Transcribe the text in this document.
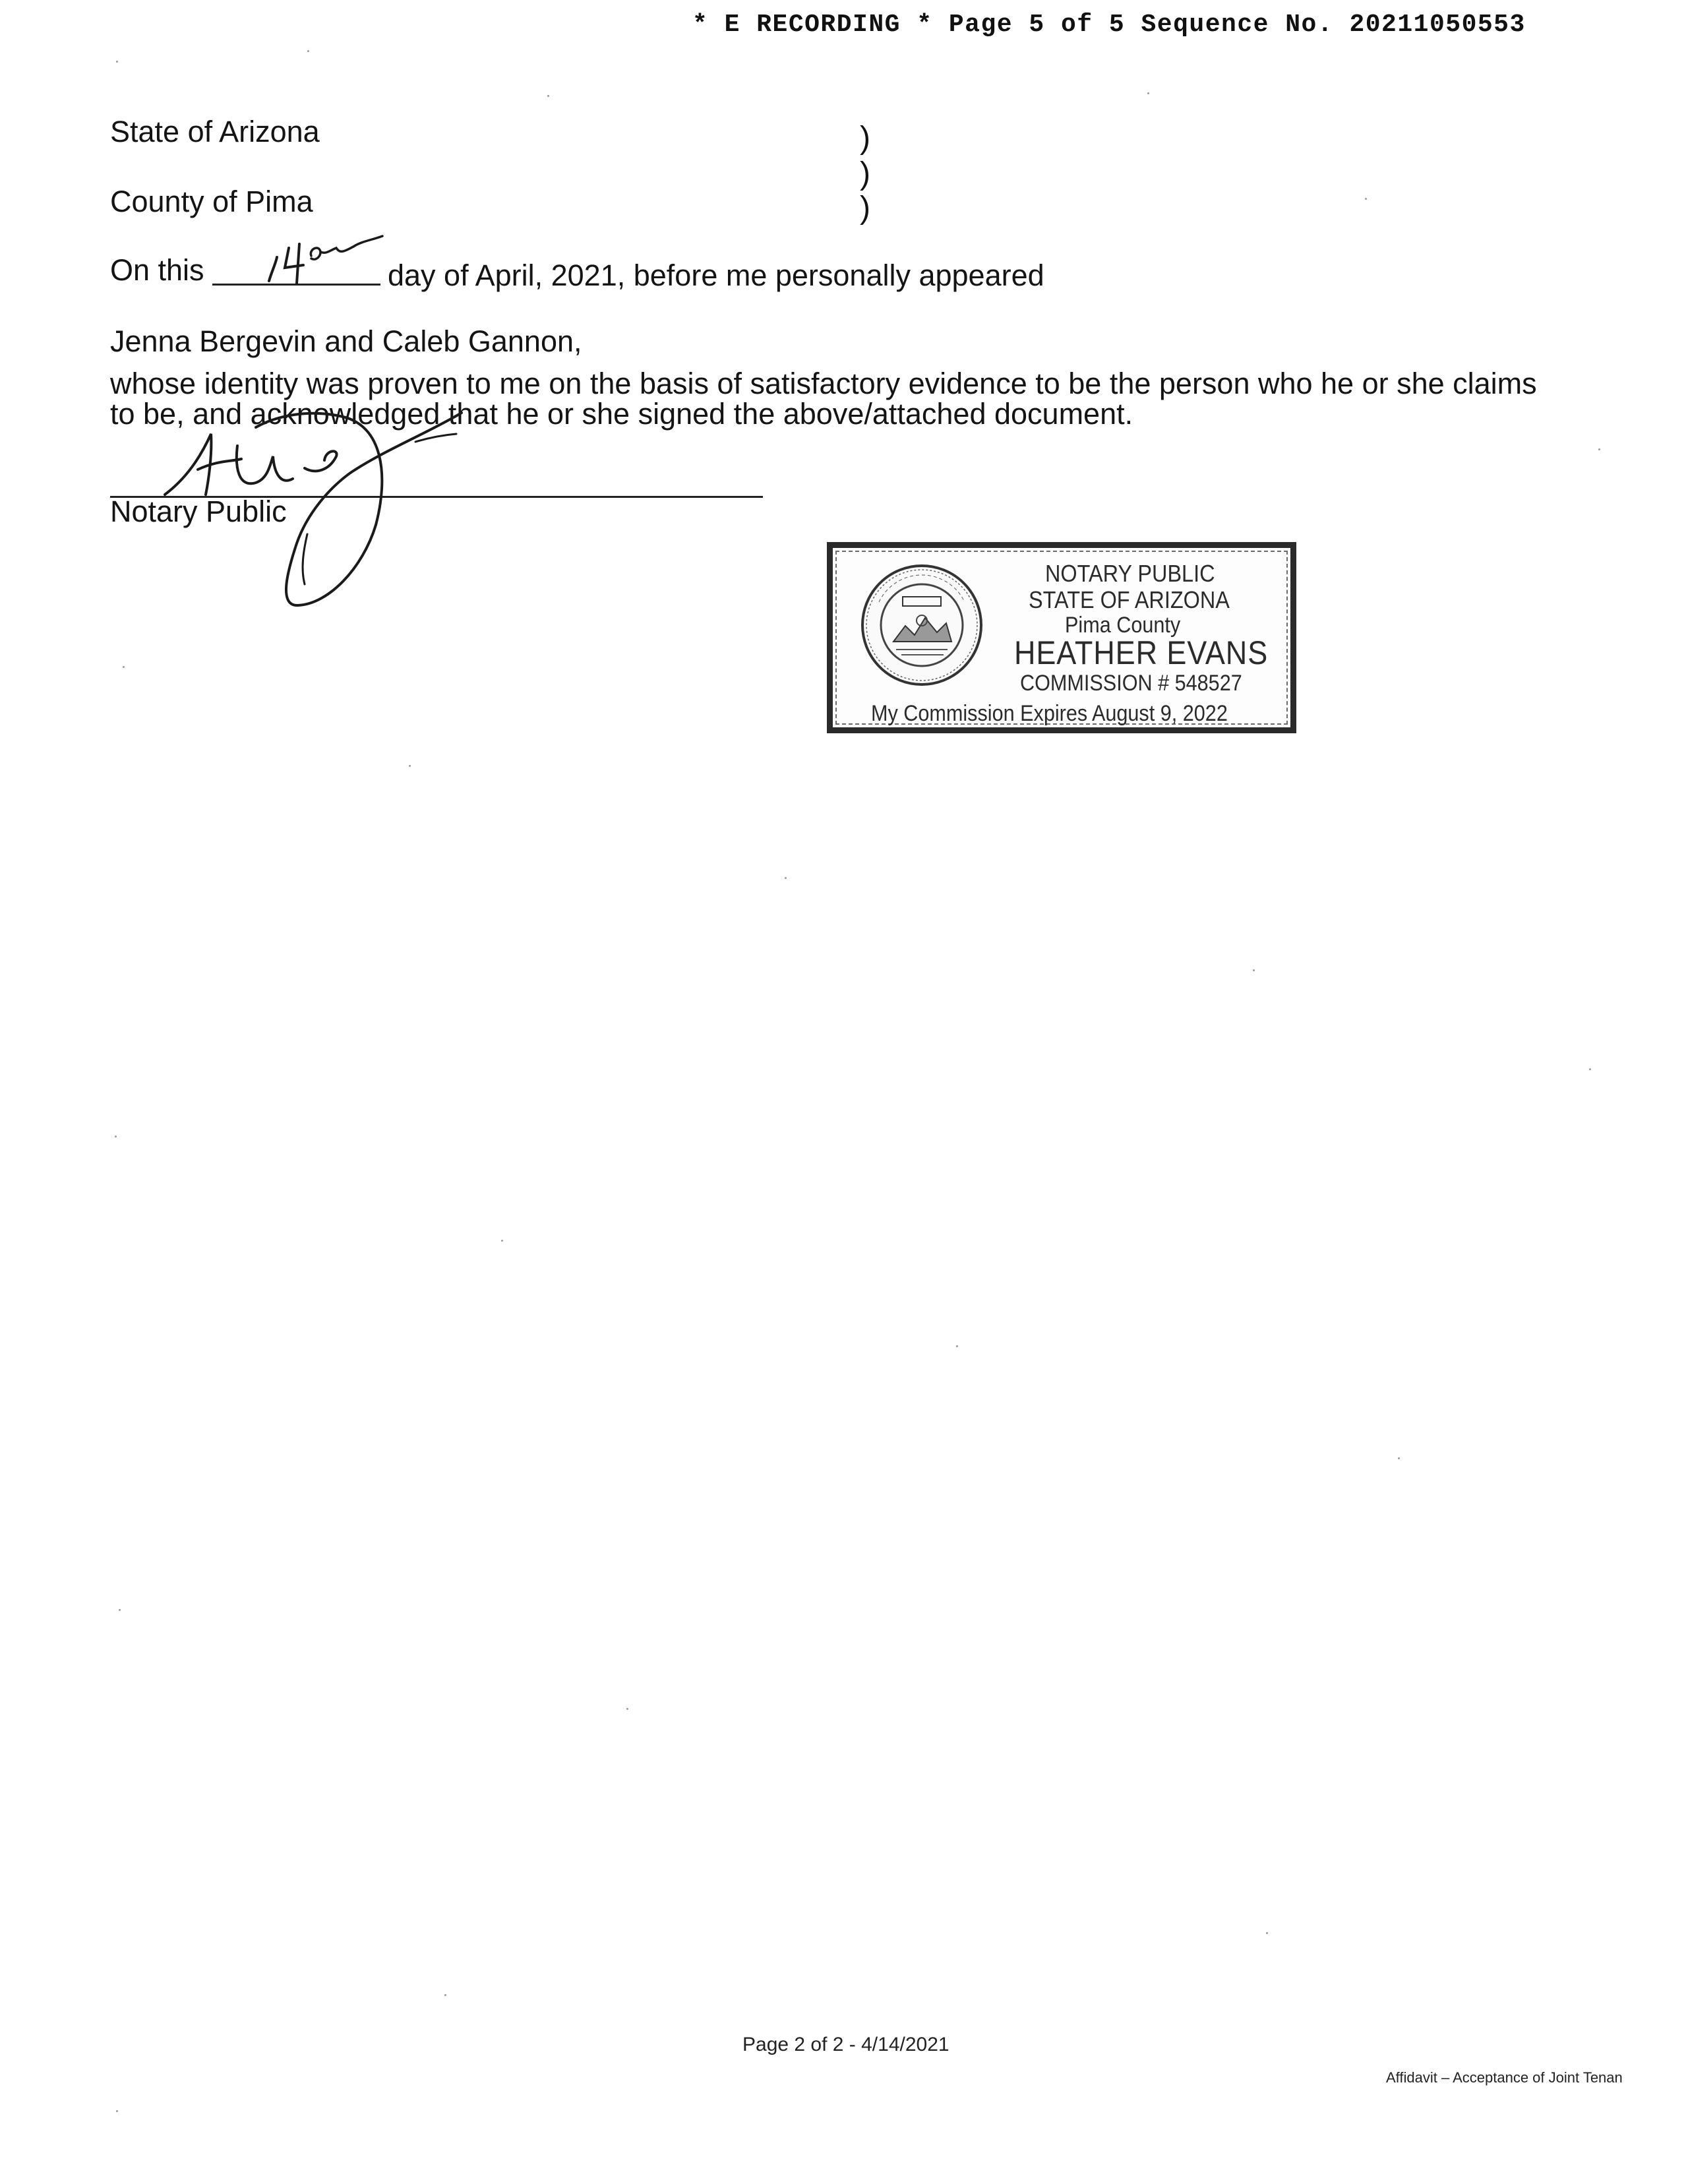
* E RECORDING * Page 5 of 5 Sequence No. 20211050553
State of Arizona
County of Pima
)
)
)
On this	day of April, 2021, before me personally appeared
Jenna Bergevin and Caleb Gannon,
whose identity was proven to me on the basis of satisfactory evidence to be the person who he or she claims
to be, and acknowledged that he or she signed the above/attached document.
Notary Public
NOTARY PUBLIC
STATE OF ARIZONA
Pima County
HEATHER EVANS
COMMISSION # 548527
My Commission Expires August 9, 2022
Page 2 of 2 - 4/14/2021
Affidavit – Acceptance of Joint Tenan
